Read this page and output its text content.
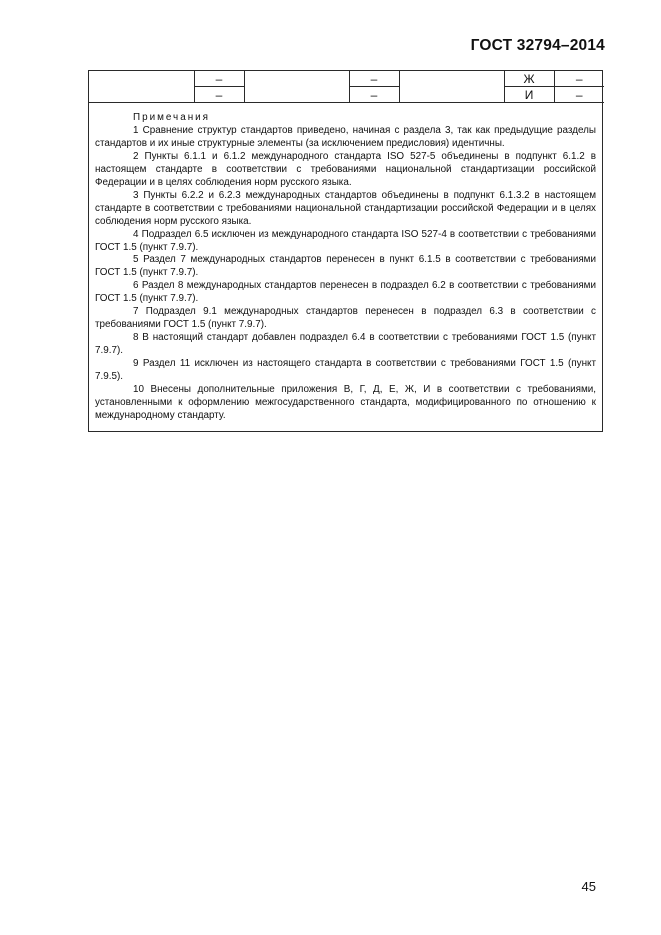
ГОСТ 32794–2014
	–		–		Ж	–
	–		–		И	–

Примечания

1 Сравнение структур стандартов приведено, начиная с раздела 3, так как предыдущие разделы стандартов и их иные структурные элементы (за исключением предисловия) идентичны.

2 Пункты 6.1.1 и 6.1.2 международного стандарта ISO 527-5 объединены в подпункт 6.1.2 в настоящем стандарте в соответствии с требованиями национальной стандартизации российской Федерации и в целях соблюдения норм русского языка.

3 Пункты 6.2.2 и 6.2.3 международных стандартов объединены в подпункт 6.1.3.2 в настоящем стандарте в соответствии с требованиями национальной стандартизации российской Федерации и в целях соблюдения норм русского языка.

4 Подраздел 6.5 исключен из международного стандарта ISO 527-4 в соответствии с требованиями ГОСТ 1.5 (пункт 7.9.7).

5 Раздел 7 международных стандартов перенесен в пункт 6.1.5 в соответствии с требованиями ГОСТ 1.5 (пункт 7.9.7).

6 Раздел 8 международных стандартов перенесен в подраздел 6.2 в соответствии с требованиями ГОСТ 1.5 (пункт 7.9.7).

7 Подраздел 9.1 международных стандартов перенесен в подраздел 6.3 в соответствии с требованиями ГОСТ 1.5 (пункт 7.9.7).

8 В настоящий стандарт добавлен подраздел 6.4 в соответствии с требованиями ГОСТ 1.5 (пункт 7.9.7).

9 Раздел 11 исключен из настоящего стандарта в соответствии с требованиями ГОСТ 1.5 (пункт 7.9.5).

10 Внесены дополнительные приложения В, Г, Д, Е, Ж, И в соответствии с требованиями, установленными к оформлению межгосударственного стандарта, модифицированного по отношению к международному стандарту.

45
